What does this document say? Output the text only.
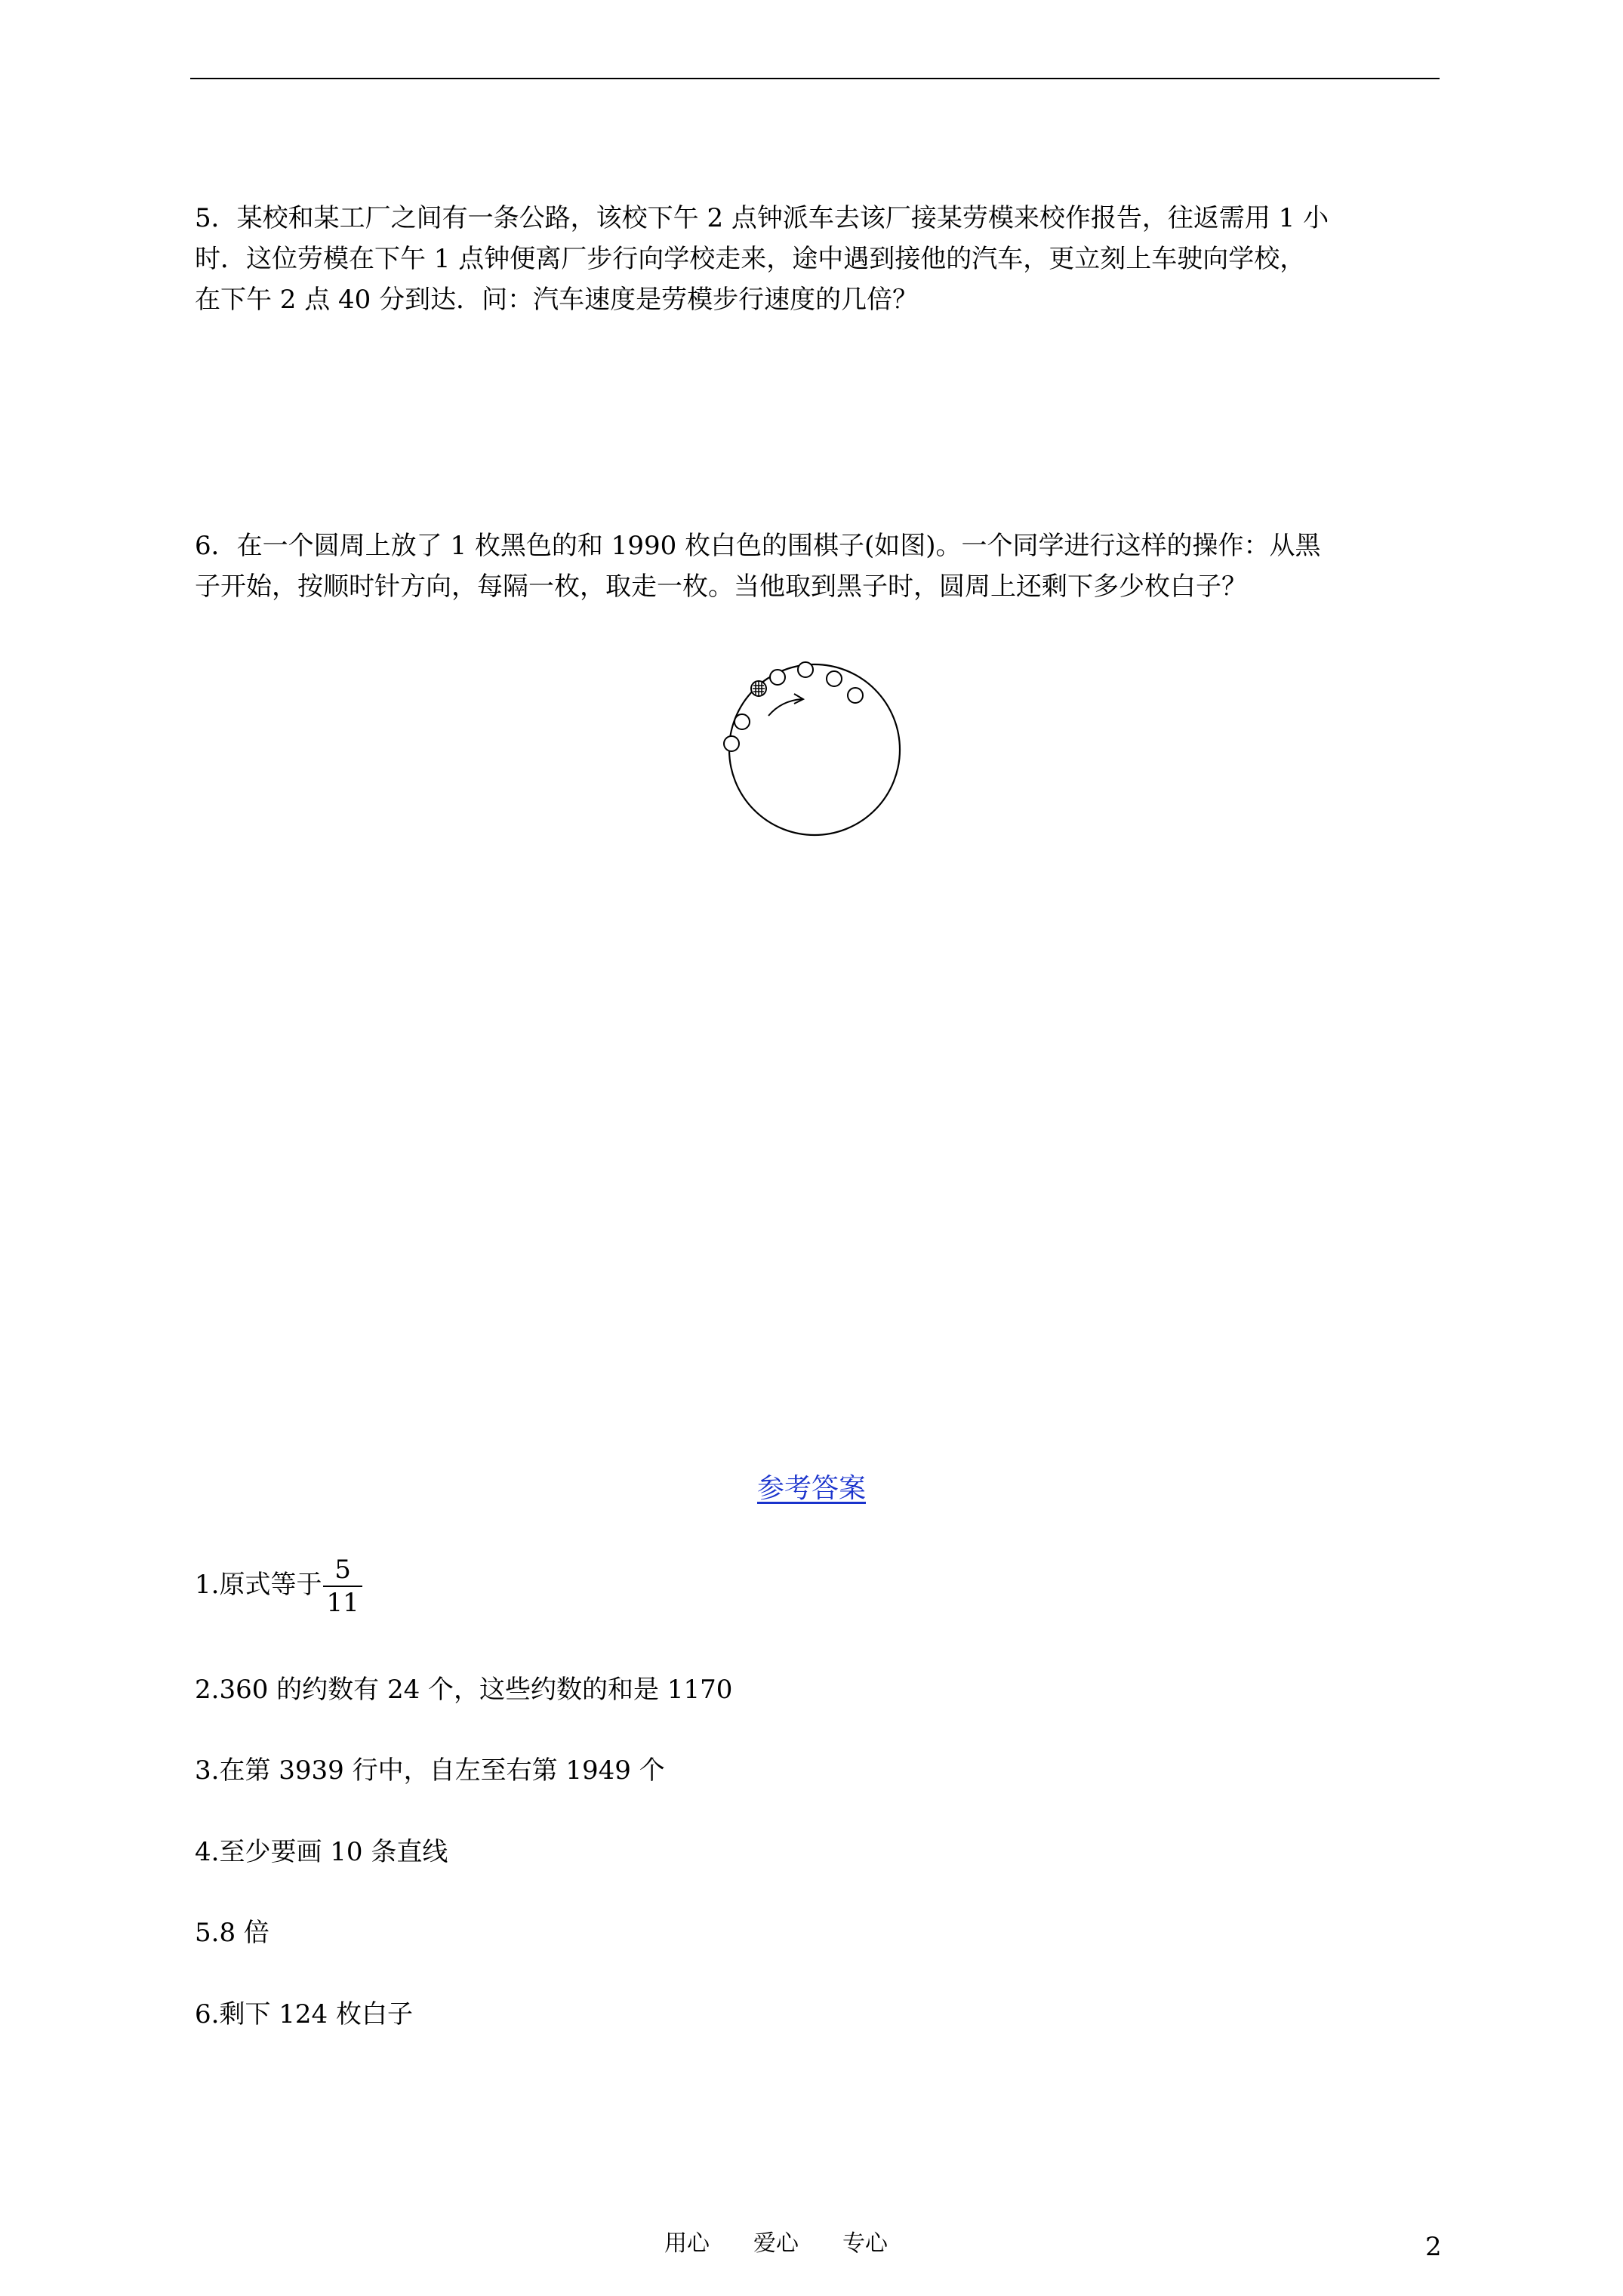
5．某校和某工厂之间有一条公路，该校下午 2 点钟派车去该厂接某劳模来校作报告，往返需用 1 小

时．这位劳模在下午 1 点钟便离厂步行向学校走来，途中遇到接他的汽车，更立刻上车驶向学校，

在下午 2 点 40 分到达．问：汽车速度是劳模步行速度的几倍？

6．在一个圆周上放了 1 枚黑色的和 1990 枚白色的围棋子(如图)。一个同学进行这样的操作：从黑

子开始，按顺时针方向，每隔一枚，取走一枚。当他取到黑子时，圆周上还剩下多少枚白子？

参考答案
1.原式等于 $\frac{5}{11}$
2.360 的约数有 24 个，这些约数的和是 1170
3.在第 3939 行中，自左至右第 1949 个
4.至少要画 10 条直线
5.8 倍
6.剩下 124 枚白子
用心 爱心 专心	2
